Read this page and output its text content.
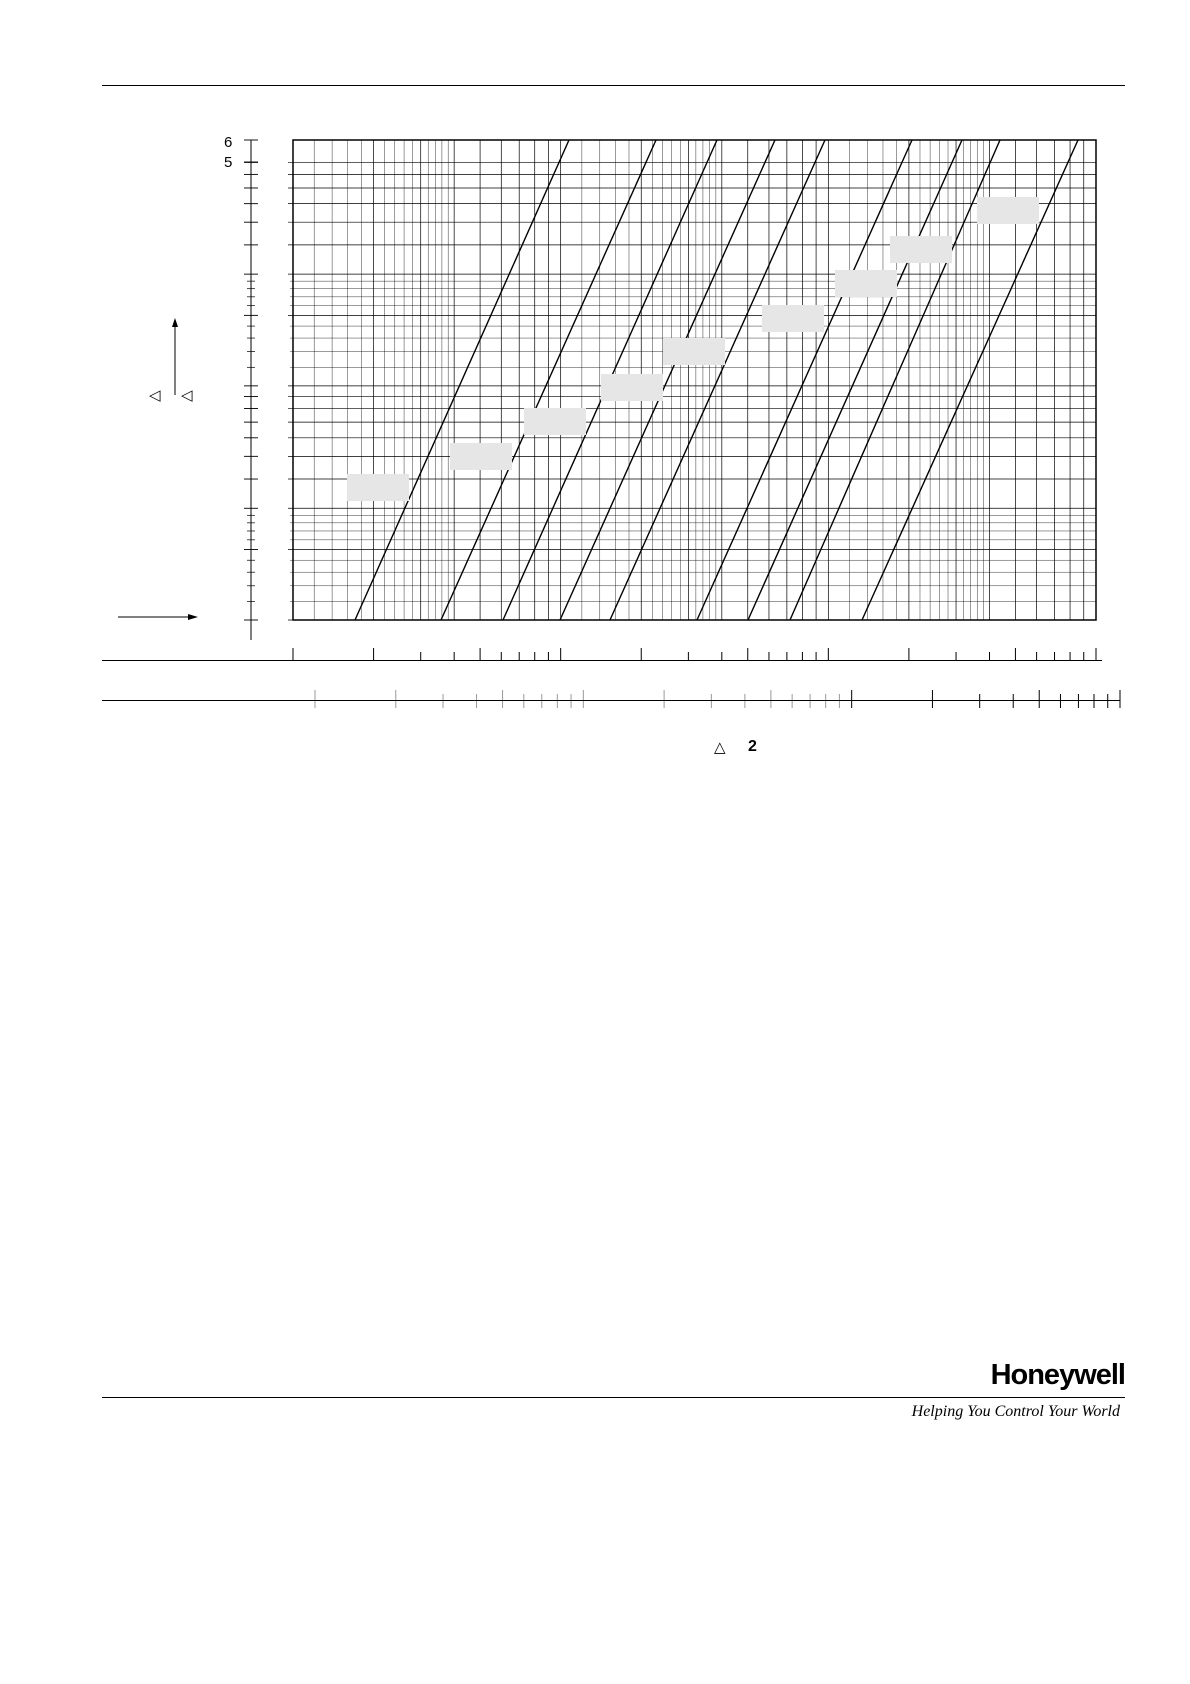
6
5
◁ ◁
△ 2
Honeywell
Helping You Control Your World
